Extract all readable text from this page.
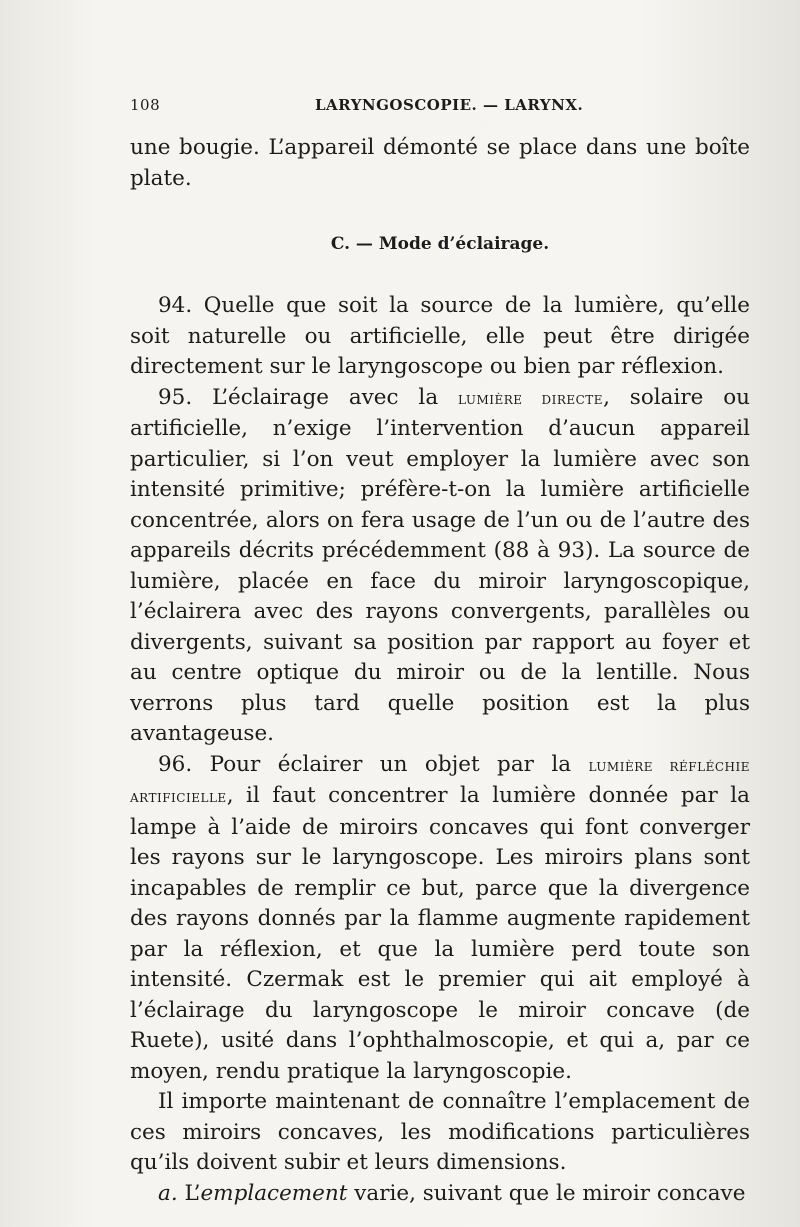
108	LARYNGOSCOPIE. — LARYNX.

une bougie. L’appareil démonté se place dans une boîte plate.

C. — Mode d’éclairage.

94. Quelle que soit la source de la lumière, qu’elle soit naturelle ou artificielle, elle peut être dirigée directement sur le laryngoscope ou bien par réflexion.

95. L’éclairage avec la lumière directe, solaire ou artificielle, n’exige l’intervention d’aucun appareil particulier, si l’on veut employer la lumière avec son intensité primitive; préfère-t-on la lumière artificielle concentrée, alors on fera usage de l’un ou de l’autre des appareils décrits précédemment (88 à 93). La source de lumière, placée en face du miroir laryngoscopique, l’éclairera avec des rayons convergents, parallèles ou divergents, suivant sa position par rapport au foyer et au centre optique du miroir ou de la lentille. Nous verrons plus tard quelle position est la plus avantageuse.

96. Pour éclairer un objet par la lumière réfléchie artificielle, il faut concentrer la lumière donnée par la lampe à l’aide de miroirs concaves qui font converger les rayons sur le laryngoscope. Les miroirs plans sont incapables de remplir ce but, parce que la divergence des rayons donnés par la flamme augmente rapidement par la réflexion, et que la lumière perd toute son intensité. Czermak est le premier qui ait employé à l’éclairage du laryngoscope le miroir concave (de Ruete), usité dans l’ophthalmoscopie, et qui a, par ce moyen, rendu pratique la laryngoscopie.

Il importe maintenant de connaître l’emplacement de ces miroirs concaves, les modifications particulières qu’ils doivent subir et leurs dimensions.

a. L’emplacement varie, suivant que le miroir concave
